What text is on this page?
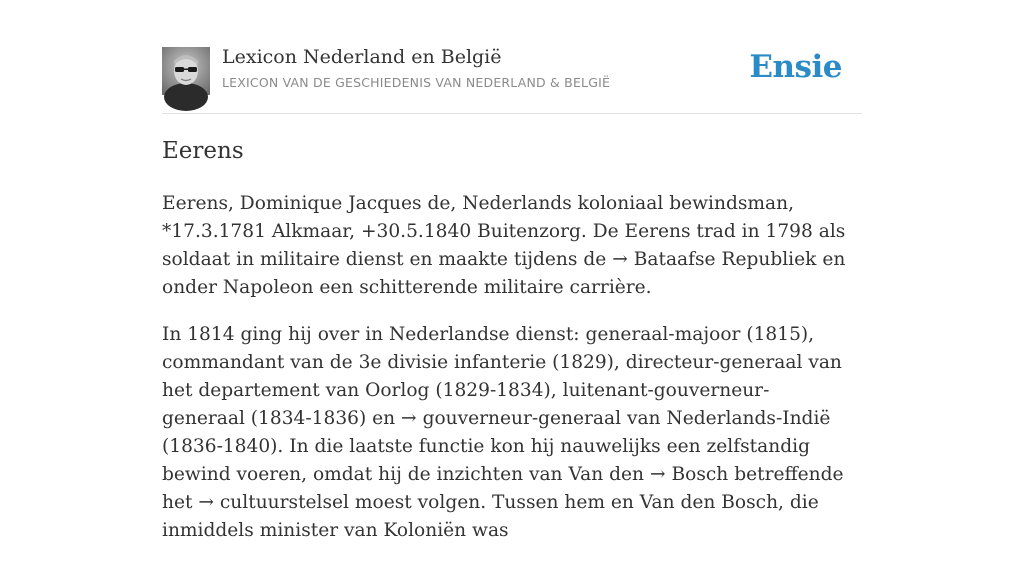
Lexicon Nederland en België
LEXICON VAN DE GESCHIEDENIS VAN NEDERLAND & BELGIË	Ensie
Eerens

Eerens, Dominique Jacques de, Nederlands koloniaal bewindsman, *17.3.1781 Alkmaar, +30.5.1840 Buitenzorg. De Eerens trad in 1798 als soldaat in militaire dienst en maakte tijdens de → Bataafse Republiek en onder Napoleon een schitterende militaire carrière.

In 1814 ging hij over in Nederlandse dienst: generaal-majoor (1815), commandant van de 3e divisie infanterie (1829), directeur-generaal van het departement van Oorlog (1829-1834), luitenant-gouverneur-generaal (1834-1836) en → gouverneur-generaal van Nederlands-Indië (1836-1840). In die laatste functie kon hij nauwelijks een zelfstandig bewind voeren, omdat hij de inzichten van Van den → Bosch betreffende het → cultuurstelsel moest volgen. Tussen hem en Van den Bosch, die inmiddels minister van Koloniën was
